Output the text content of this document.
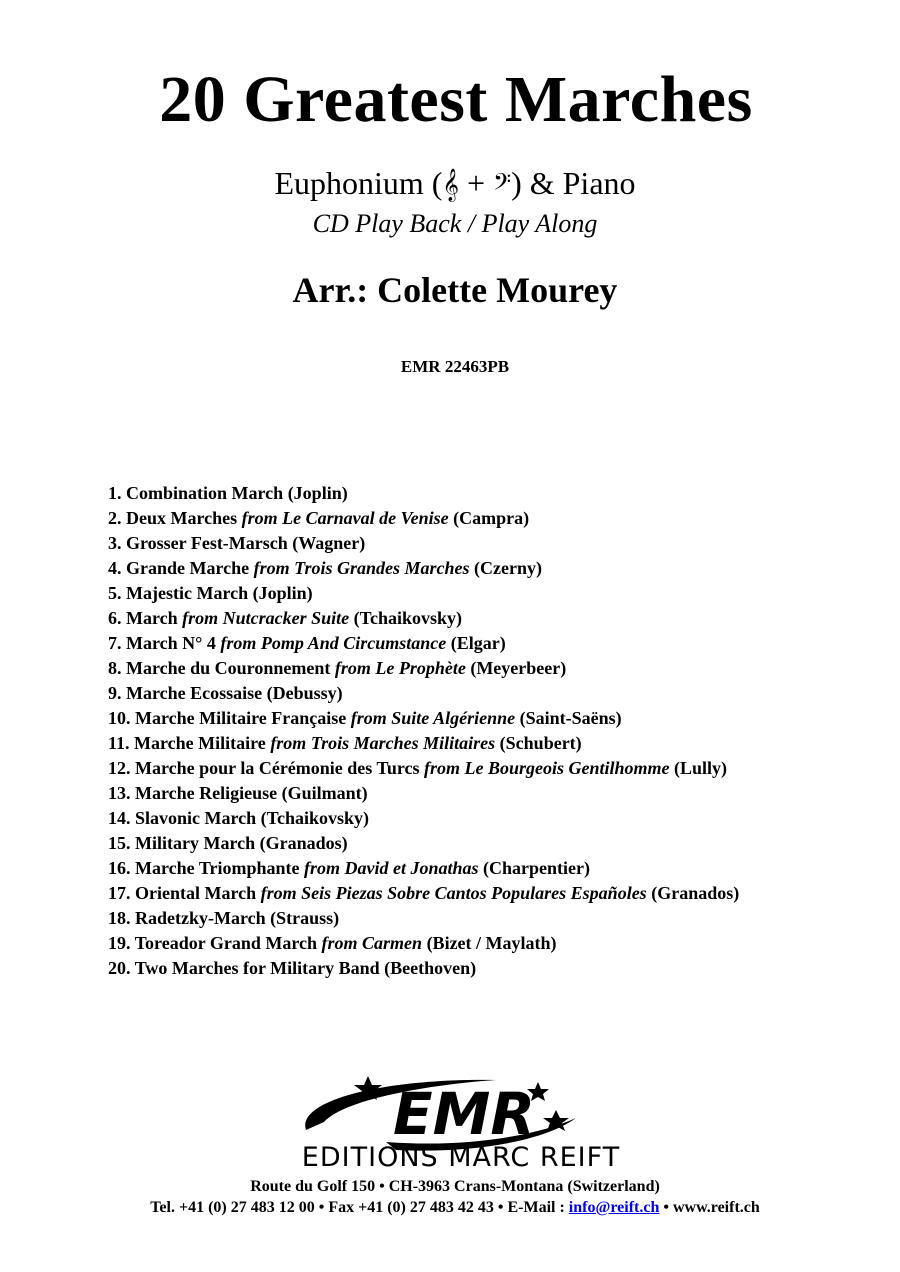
20 Greatest Marches
Euphonium (𝄞 + 𝄢) & Piano
CD Play Back / Play Along
Arr.: Colette Mourey
EMR 22463PB
1. Combination March (Joplin)
2. Deux Marches from Le Carnaval de Venise (Campra)
3. Grosser Fest-Marsch (Wagner)
4. Grande Marche from Trois Grandes Marches (Czerny)
5. Majestic March (Joplin)
6. March from Nutcracker Suite (Tchaikovsky)
7. March N° 4 from Pomp And Circumstance (Elgar)
8. Marche du Couronnement from Le Prophète (Meyerbeer)
9. Marche Ecossaise (Debussy)
10. Marche Militaire Française from Suite Algérienne (Saint-Saëns)
11. Marche Militaire from Trois Marches Militaires (Schubert)
12. Marche pour la Cérémonie des Turcs from Le Bourgeois Gentilhomme (Lully)
13. Marche Religieuse (Guilmant)
14. Slavonic March (Tchaikovsky)
15. Military March (Granados)
16. Marche Triomphante from David et Jonathas (Charpentier)
17. Oriental March from Seis Piezas Sobre Cantos Populares Españoles (Granados)
18. Radetzky-March (Strauss)
19. Toreador Grand March from Carmen (Bizet / Maylath)
20. Two Marches for Military Band (Beethoven)
EMR
EDITIONS MARC REIFT
Route du Golf 150 • CH-3963 Crans-Montana (Switzerland)
Tel. +41 (0) 27 483 12 00 • Fax +41 (0) 27 483 42 43 • E-Mail : info@reift.ch • www.reift.ch
